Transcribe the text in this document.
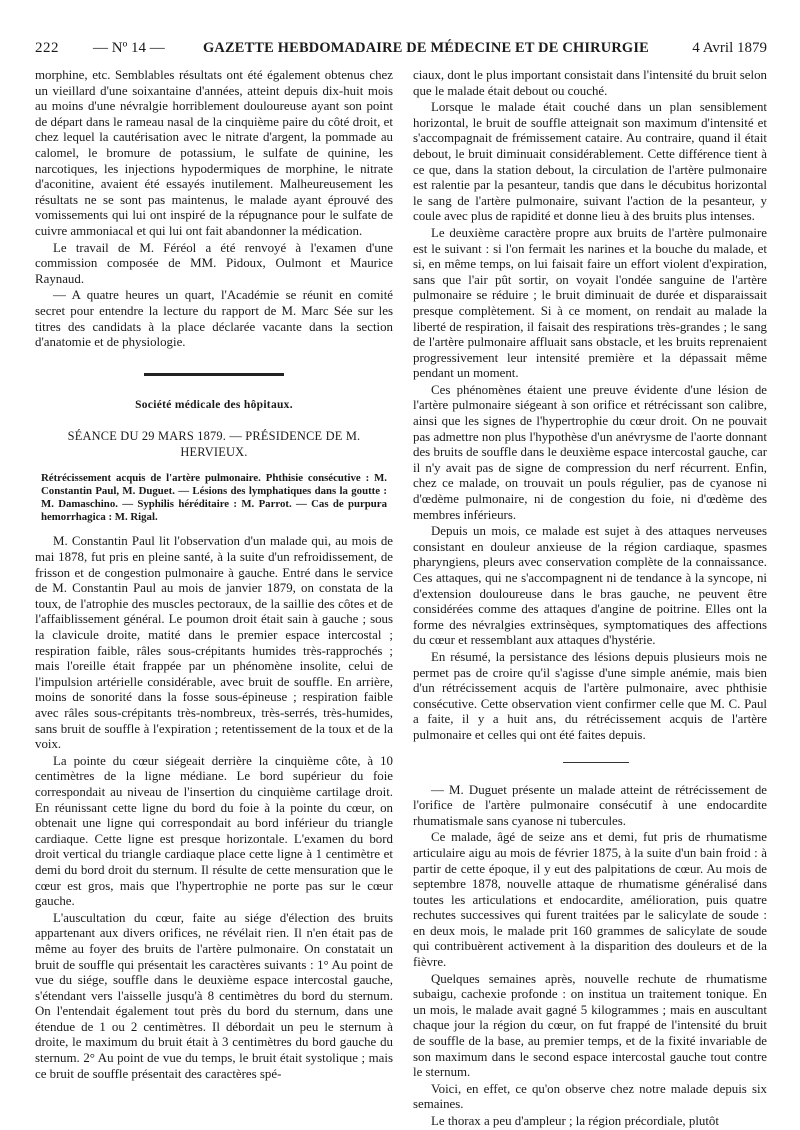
222 — Nº 14 —	GAZETTE HEBDOMADAIRE DE MÉDECINE ET DE CHIRURGIE	4 Avril 1879

morphine, etc. Semblables résultats ont été également obtenus chez un vieillard d'une soixantaine d'années, atteint depuis dix-huit mois au moins d'une névralgie horriblement douloureuse ayant son point de départ dans le rameau nasal de la cinquième paire du côté droit, et chez lequel la cautérisation avec le nitrate d'argent, la pommade au calomel, le bromure de potassium, le sulfate de quinine, les narcotiques, les injections hypodermiques de morphine, le nitrate d'aconitine, avaient été essayés inutilement. Malheureusement les résultats ne se sont pas maintenus, le malade ayant éprouvé des vomissements qui lui ont inspiré de la répugnance pour le sulfate de cuivre ammoniacal et qui lui ont fait abandonner la médication.

Le travail de M. Féréol a été renvoyé à l'examen d'une commission composée de MM. Pidoux, Oulmont et Maurice Raynaud.

— A quatre heures un quart, l'Académie se réunit en comité secret pour entendre la lecture du rapport de M. Marc Sée sur les titres des candidats à la place déclarée vacante dans la section d'anatomie et de physiologie.

Société médicale des hôpitaux.
SÉANCE DU 29 MARS 1879. — PRÉSIDENCE DE M. HERVIEUX.
Rétrécissement acquis de l'artère pulmonaire. Phthisie consécutive : M. Constantin Paul, M. Duguet. — Lésions des lymphatiques dans la goutte : M. Damaschino. — Syphilis héréditaire : M. Parrot. — Cas de purpura hemorrhagica : M. Rigal.

M. Constantin Paul lit l'observation d'un malade qui, au mois de mai 1878, fut pris en pleine santé, à la suite d'un refroidissement, de frisson et de congestion pulmonaire à gauche. Entré dans le service de M. Constantin Paul au mois de janvier 1879, on constata de la toux, de l'atrophie des muscles pectoraux, de la saillie des côtes et de l'affaiblissement général. Le poumon droit était sain à gauche ; sous la clavicule droite, matité dans le premier espace intercostal ; respiration faible, râles sous-crépitants humides très-rapprochés ; mais l'oreille était frappée par un phénomène insolite, celui de l'impulsion artérielle considérable, avec bruit de souffle. En arrière, moins de sonorité dans la fosse sous-épineuse ; respiration faible avec râles sous-crépitants très-nombreux, très-serrés, très-humides, sans bruit de souffle à l'expiration ; retentissement de la toux et de la voix.

La pointe du cœur siégeait derrière la cinquième côte, à 10 centimètres de la ligne médiane. Le bord supérieur du foie correspondait au niveau de l'insertion du cinquième cartilage droit. En réunissant cette ligne du bord du foie à la pointe du cœur, on obtenait une ligne qui correspondait au bord inférieur du triangle cardiaque. Cette ligne est presque horizontale. L'examen du bord droit vertical du triangle cardiaque place cette ligne à 1 centimètre et demi du bord droit du sternum. Il résulte de cette mensuration que le cœur est gros, mais que l'hypertrophie ne porte pas sur le cœur gauche.

L'auscultation du cœur, faite au siége d'élection des bruits appartenant aux divers orifices, ne révélait rien. Il n'en était pas de même au foyer des bruits de l'artère pulmonaire. On constatait un bruit de souffle qui présentait les caractères suivants : 1° Au point de vue du siége, souffle dans le deuxième espace intercostal gauche, s'étendant vers l'aisselle jusqu'à 8 centimètres du bord du sternum. On l'entendait également tout près du bord du sternum, dans une étendue de 1 ou 2 centimètres. Il débordait un peu le sternum à droite, le maximum du bruit était à 3 centimètres du bord gauche du sternum. 2° Au point de vue du temps, le bruit était systolique ; mais ce bruit de souffle présentait des caractères spé-

ciaux, dont le plus important consistait dans l'intensité du bruit selon que le malade était debout ou couché.

Lorsque le malade était couché dans un plan sensiblement horizontal, le bruit de souffle atteignait son maximum d'intensité et s'accompagnait de frémissement cataire. Au contraire, quand il était debout, le bruit diminuait considérablement. Cette différence tient à ce que, dans la station debout, la circulation de l'artère pulmonaire est ralentie par la pesanteur, tandis que dans le décubitus horizontal le sang de l'artère pulmonaire, suivant l'action de la pesanteur, y coule avec plus de rapidité et donne lieu à des bruits plus intenses.

Le deuxième caractère propre aux bruits de l'artère pulmonaire est le suivant : si l'on fermait les narines et la bouche du malade, et si, en même temps, on lui faisait faire un effort violent d'expiration, sans que l'air pût sortir, on voyait l'ondée sanguine de l'artère pulmonaire se réduire ; le bruit diminuait de durée et disparaissait presque complètement. Si à ce moment, on rendait au malade la liberté de respiration, il faisait des respirations très-grandes ; le sang de l'artère pulmonaire affluait sans obstacle, et les bruits reprenaient progressivement leur intensité première et la dépassait même pendant un moment.

Ces phénomènes étaient une preuve évidente d'une lésion de l'artère pulmonaire siégeant à son orifice et rétrécissant son calibre, ainsi que les signes de l'hypertrophie du cœur droit. On ne pouvait pas admettre non plus l'hypothèse d'un anévrysme de l'aorte donnant des bruits de souffle dans le deuxième espace intercostal gauche, car il n'y avait pas de signe de compression du nerf récurrent. Enfin, chez ce malade, on trouvait un pouls régulier, pas de cyanose ni d'œdème pulmonaire, ni de congestion du foie, ni d'œdème des membres inférieurs.

Depuis un mois, ce malade est sujet à des attaques nerveuses consistant en douleur anxieuse de la région cardiaque, spasmes pharyngiens, pleurs avec conservation complète de la connaissance. Ces attaques, qui ne s'accompagnent ni de tendance à la syncope, ni d'extension douloureuse dans le bras gauche, ne peuvent être considérées comme des attaques d'angine de poitrine. Elles ont la forme des névralgies extrinsèques, symptomatiques des affections du cœur et ressemblant aux attaques d'hystérie.

En résumé, la persistance des lésions depuis plusieurs mois ne permet pas de croire qu'il s'agisse d'une simple anémie, mais bien d'un rétrécissement acquis de l'artère pulmonaire, avec phthisie consécutive. Cette observation vient confirmer celle que M. C. Paul a faite, il y a huit ans, du rétrécissement acquis de l'artère pulmonaire et celles qui ont été faites depuis.

— M. Duguet présente un malade atteint de rétrécissement de l'orifice de l'artère pulmonaire consécutif à une endocardite rhumatismale sans cyanose ni tubercules.

Ce malade, âgé de seize ans et demi, fut pris de rhumatisme articulaire aigu au mois de février 1875, à la suite d'un bain froid : à partir de cette époque, il y eut des palpitations de cœur. Au mois de septembre 1878, nouvelle attaque de rhumatisme généralisé dans toutes les articulations et endocardite, amélioration, puis quatre rechutes successives qui furent traitées par le salicylate de soude : en deux mois, le malade prit 160 grammes de salicylate de soude qui contribuèrent activement à la disparition des douleurs et de la fièvre.

Quelques semaines après, nouvelle rechute de rhumatisme subaigu, cachexie profonde : on institua un traitement tonique. En un mois, le malade avait gagné 5 kilogrammes ; mais en auscultant chaque jour la région du cœur, on fut frappé de l'intensité du bruit de souffle de la base, au premier temps, et de la fixité invariable de son maximum dans le second espace intercostal gauche tout contre le sternum.

Voici, en effet, ce qu'on observe chez notre malade depuis six semaines.

Le thorax a peu d'ampleur ; la région précordiale, plutôt
